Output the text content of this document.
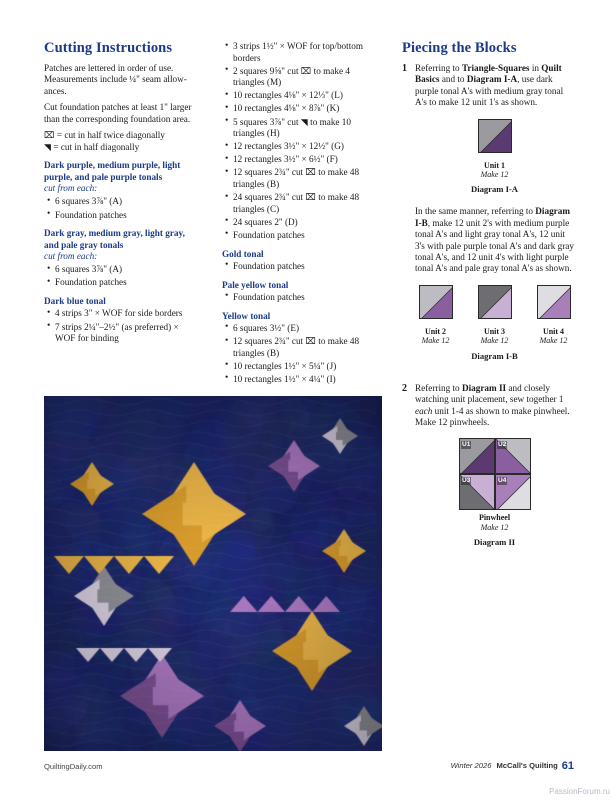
Cutting Instructions

Patches are lettered in order of use. Measurements include ¼" seam allowances.

Cut foundation patches at least 1" larger than the corresponding foundation area.

⌧ = cut in half twice diagonally

◥ = cut in half diagonally

Dark purple, medium purple, light purple, and pale purple tonals

cut from each:

• 6 squares 3⅞" (A)
• Foundation patches

Dark gray, medium gray, light gray, and pale gray tonals

cut from each:

• 6 squares 3⅞" (A)
• Foundation patches

Dark blue tonal

• 4 strips 3" × WOF for side borders
• 7 strips 2¼"–2½" (as preferred) × WOF for binding
• 3 strips 1½" × WOF for top/bottom borders
• 2 squares 9⅝" cut ⌧ to make 4 triangles (M)
• 10 rectangles 4⅛" × 12⅓" (L)
• 10 rectangles 4⅛" × 8⅞" (K)
• 5 squares 3⅞" cut ◥ to make 10 triangles (H)
• 12 rectangles 3½" × 12½" (G)
• 12 rectangles 3½" × 6½" (F)
• 12 squares 2¾" cut ⌧ to make 48 triangles (B)
• 24 squares 2¾" cut ⌧ to make 48 triangles (C)
• 24 squares 2" (D)
• Foundation patches

Gold tonal

• Foundation patches

Pale yellow tonal

• Foundation patches

Yellow tonal

• 6 squares 3½" (E)
• 12 squares 2¾" cut ⌧ to make 48 triangles (B)
• 10 rectangles 1½" × 5¼" (J)
• 10 rectangles 1½" × 4¼" (I)
Piecing the Blocks
1 Referring to Triangle-Squares in Quilt Basics and to Diagram I-A, use dark purple tonal A's with medium gray tonal A's to make 12 unit 1's as shown.

Unit 1
Make 12
Diagram I-A

In the same manner, referring to Diagram I-B, make 12 unit 2's with medium purple tonal A's and light gray tonal A's, 12 unit 3's with pale purple tonal A's and dark gray tonal A's, and 12 unit 4's with light purple tonal A's and pale gray tonal A's as shown.

Unit 2
Make 12
Unit 3
Make 12
Unit 4
Make 12
Diagram I-B
2 Referring to Diagram II and closely watching unit placement, sew together 1 each unit 1-4 as shown to make pinwheel. Make 12 pinwheels.

U1	U2
U3	U4
Pinwheel
Make 12
Diagram II
QuiltingDaily.com	Winter 2026 McCall's Quilting 61
PassionForum.ru
